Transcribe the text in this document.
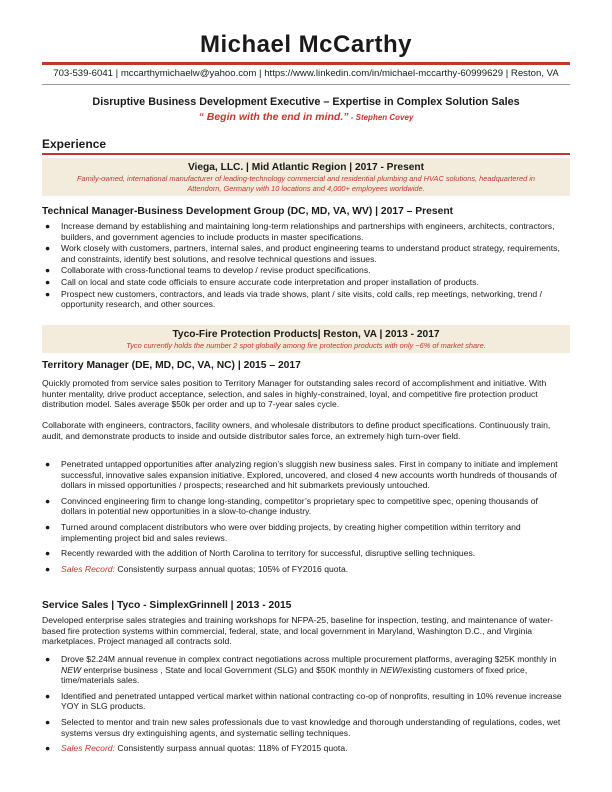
Michael McCarthy
703-539-6041 | mccarthymichaelw@yahoo.com | https://www.linkedin.com/in/michael-mccarthy-60999629 | Reston, VA
Disruptive Business Development Executive – Expertise in Complex Solution Sales
“ Begin with the end in mind.” - Stephen Covey
Experience
Viega, LLC. | Mid Atlantic Region | 2017 - Present
Family-owned, international manufacturer of leading-technology commercial and residential plumbing and HVAC solutions, headquartered in Attendorn, Germany with 10 locations and 4,000+ employees worldwide.
Technical Manager-Business Development Group (DC, MD, VA, WV) | 2017 – Present
● Increase demand by establishing and maintaining long-term relationships and partnerships with engineers, architects, contractors, builders, and government agencies to include products in master specifications.
● Work closely with customers, partners, internal sales, and product engineering teams to understand product strategy, requirements, and constraints, identify best solutions, and resolve technical questions and issues.
● Collaborate with cross-functional teams to develop / revise product specifications.
● Call on local and state code officials to ensure accurate code interpretation and proper installation of products.
● Prospect new customers, contractors, and leads via trade shows, plant / site visits, cold calls, rep meetings, networking, trend / opportunity research, and other sources.
Tyco-Fire Protection Products| Reston, VA | 2013 - 2017
Tyco currently holds the number 2 spot globally among fire protection products with only ~6% of market share.
Territory Manager (DE, MD, DC, VA, NC) | 2015 – 2017
Quickly promoted from service sales position to Territory Manager for outstanding sales record of accomplishment and initiative. With hunter mentality, drive product acceptance, selection, and sales in highly-constrained, loyal, and competitive fire protection product distribution model. Sales average $50k per order and up to 7-year sales cycle.
Collaborate with engineers, contractors, facility owners, and wholesale distributors to define product specifications. Continuously train, audit, and demonstrate products to inside and outside distributor sales force, an extremely high turn-over field.
● Penetrated untapped opportunities after analyzing region’s sluggish new business sales. First in company to initiate and implement successful, innovative sales expansion initiative. Explored, uncovered, and closed 4 new accounts worth hundreds of thousands of dollars in missed opportunities / prospects; researched and hit submarkets previously untouched.
● Convinced engineering firm to change long-standing, competitor’s proprietary spec to competitive spec, opening thousands of dollars in potential new opportunities in a slow-to-change industry.
● Turned around complacent distributors who were over bidding projects, by creating higher competition within territory and implementing project bid and sales reviews.
● Recently rewarded with the addition of North Carolina to territory for successful, disruptive selling techniques.
● Sales Record: Consistently surpass annual quotas; 105% of FY2016 quota.
Service Sales | Tyco - SimplexGrinnell | 2013 - 2015
Developed enterprise sales strategies and training workshops for NFPA-25, baseline for inspection, testing, and maintenance of water-based fire protection systems within commercial, federal, state, and local government in Maryland, Washington D.C., and Virginia marketplaces. Project managed all contracts sold.
● Drove $2.24M annual revenue in complex contract negotiations across multiple procurement platforms, averaging $25K monthly in NEW enterprise business , State and local Government (SLG) and $50K monthly in NEW/existing customers of fixed price, time/materials sales.
● Identified and penetrated untapped vertical market within national contracting co-op of nonprofits, resulting in 10% revenue increase YOY in SLG products.
● Selected to mentor and train new sales professionals due to vast knowledge and thorough understanding of regulations, codes, wet systems versus dry extinguishing agents, and systematic selling techniques.
● Sales Record: Consistently surpass annual quotas: 118% of FY2015 quota.
